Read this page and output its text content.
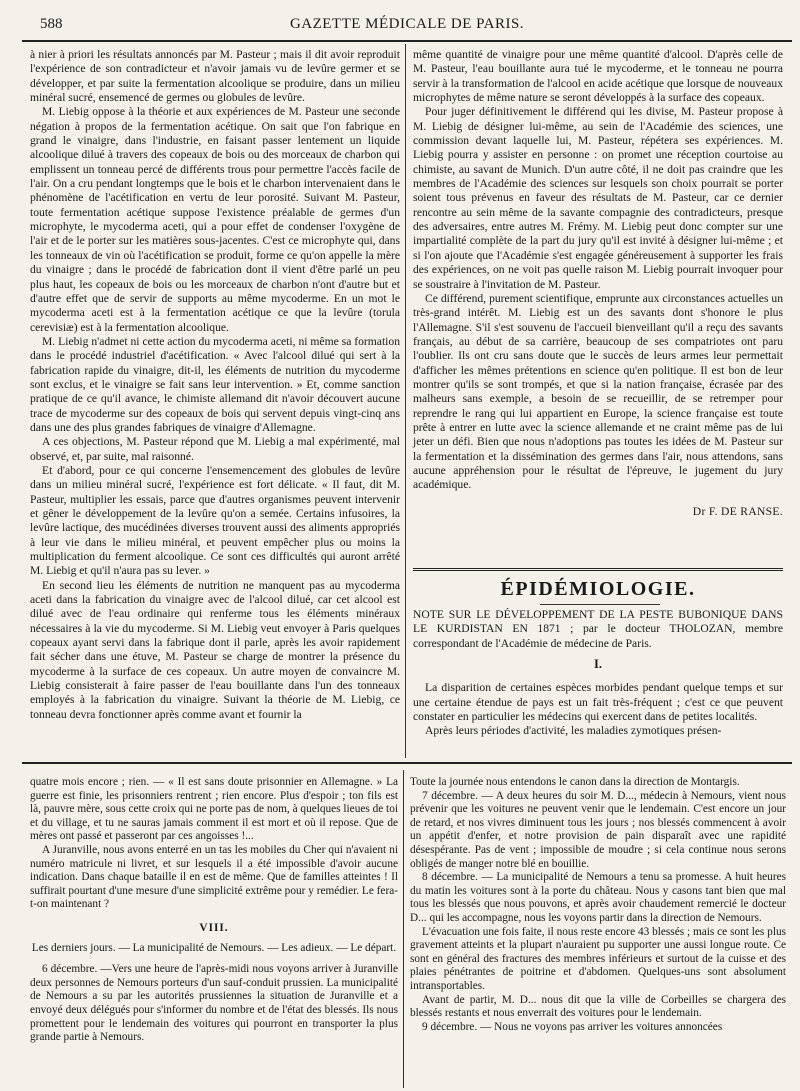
588	GAZETTE MÉDICALE DE PARIS.

à nier à priori les résultats annoncés par M. Pasteur ; mais il dit avoir reproduit l'expérience de son contradicteur et n'avoir jamais vu de levûre germer et se développer, et par suite la fermentation alcoolique se produire, dans un milieu minéral sucré, ensemencé de germes ou globules de levûre.

M. Liebig oppose à la théorie et aux expériences de M. Pasteur une seconde négation à propos de la fermentation acétique. On sait que l'on fabrique en grand le vinaigre, dans l'industrie, en faisant passer lentement un liquide alcoolique dilué à travers des copeaux de bois ou des morceaux de charbon qui emplissent un tonneau percé de différents trous pour permettre l'accès facile de l'air. On a cru pendant longtemps que le bois et le charbon intervenaient dans le phénomène de l'acétification en vertu de leur porosité. Suivant M. Pasteur, toute fermentation acétique suppose l'existence préalable de germes d'un microphyte, le mycoderma aceti, qui a pour effet de condenser l'oxygène de l'air et de le porter sur les matières sous-jacentes. C'est ce microphyte qui, dans les tonneaux de vin où l'acétification se produit, forme ce qu'on appelle la mère du vinaigre ; dans le procédé de fabrication dont il vient d'être parlé un peu plus haut, les copeaux de bois ou les morceaux de charbon n'ont d'autre but et d'autre effet que de servir de supports au même mycoderme. En un mot le mycoderma aceti est à la fermentation acétique ce que la levûre (torula cerevisiæ) est à la fermentation alcoolique.

M. Liebig n'admet ni cette action du mycoderma aceti, ni même sa formation dans le procédé industriel d'acétification. « Avec l'alcool dilué qui sert à la fabrication rapide du vinaigre, dit-il, les éléments de nutrition du mycoderme sont exclus, et le vinaigre se fait sans leur intervention. » Et, comme sanction pratique de ce qu'il avance, le chimiste allemand dit n'avoir découvert aucune trace de mycoderme sur des copeaux de bois qui servent depuis vingt-cinq ans dans une des plus grandes fabriques de vinaigre d'Allemagne.

A ces objections, M. Pasteur répond que M. Liebig a mal expérimenté, mal observé, et, par suite, mal raisonné.

Et d'abord, pour ce qui concerne l'ensemencement des globules de levûre dans un milieu minéral sucré, l'expérience est fort délicate. « Il faut, dit M. Pasteur, multiplier les essais, parce que d'autres organismes peuvent intervenir et gêner le développement de la levûre qu'on a semée. Certains infusoires, la levûre lactique, des mucédinées diverses trouvent aussi des aliments appropriés à leur vie dans le milieu minéral, et peuvent empêcher plus ou moins la multiplication du ferment alcoolique. Ce sont ces difficultés qui auront arrêté M. Liebig et qu'il n'aura pas su lever. »

En second lieu les éléments de nutrition ne manquent pas au mycoderma aceti dans la fabrication du vinaigre avec de l'alcool dilué, car cet alcool est dilué avec de l'eau ordinaire qui renferme tous les éléments minéraux nécessaires à la vie du mycoderme. Si M. Liebig veut envoyer à Paris quelques copeaux ayant servi dans la fabrique dont il parle, après les avoir rapidement fait sécher dans une étuve, M. Pasteur se charge de montrer la présence du mycoderme à la surface de ces copeaux. Un autre moyen de convaincre M. Liebig consisterait à faire passer de l'eau bouillante dans l'un des tonneaux employés à la fabrication du vinaigre. Suivant la théorie de M. Liebig, ce tonneau devra fonctionner après comme avant et fournir la

même quantité de vinaigre pour une même quantité d'alcool. D'après celle de M. Pasteur, l'eau bouillante aura tué le mycoderme, et le tonneau ne pourra servir à la transformation de l'alcool en acide acétique que lorsque de nouveaux microphytes de même nature se seront développés à la surface des copeaux.

Pour juger définitivement le différend qui les divise, M. Pasteur propose à M. Liebig de désigner lui-même, au sein de l'Académie des sciences, une commission devant laquelle lui, M. Pasteur, répétera ses expériences. M. Liebig pourra y assister en personne : on promet une réception courtoise au chimiste, au savant de Munich. D'un autre côté, il ne doit pas craindre que les membres de l'Académie des sciences sur lesquels son choix pourrait se porter soient tous prévenus en faveur des résultats de M. Pasteur, car ce dernier rencontre au sein même de la savante compagnie des contradicteurs, presque des adversaires, entre autres M. Frémy. M. Liebig peut donc compter sur une impartialité complète de la part du jury qu'il est invité à désigner lui-même ; et si l'on ajoute que l'Académie s'est engagée généreusement à supporter les frais des expériences, on ne voit pas quelle raison M. Liebig pourrait invoquer pour se soustraire à l'invitation de M. Pasteur.

Ce différend, purement scientifique, emprunte aux circonstances actuelles un très-grand intérêt. M. Liebig est un des savants dont s'honore le plus l'Allemagne. S'il s'est souvenu de l'accueil bienveillant qu'il a reçu des savants français, au début de sa carrière, beaucoup de ses compatriotes ont paru l'oublier. Ils ont cru sans doute que le succès de leurs armes leur permettait d'afficher les mêmes prétentions en science qu'en politique. Il est bon de leur montrer qu'ils se sont trompés, et que si la nation française, écrasée par des malheurs sans exemple, a besoin de se recueillir, de se retremper pour reprendre le rang qui lui appartient en Europe, la science française est toute prête à entrer en lutte avec la science allemande et ne craint même pas de lui jeter un défi. Bien que nous n'adoptions pas toutes les idées de M. Pasteur sur la fermentation et la dissémination des germes dans l'air, nous attendons, sans aucune appréhension pour le résultat de l'épreuve, le jugement du jury académique.

Dr F. DE RANSE.
ÉPIDÉMIOLOGIE.
NOTE SUR LE DÉVELOPPEMENT DE LA PESTE BUBONIQUE DANS LE KURDISTAN EN 1871 ; par le docteur THOLOZAN, membre correspondant de l'Académie de médecine de Paris.
I.

La disparition de certaines espèces morbides pendant quelque temps et sur une certaine étendue de pays est un fait très-fréquent ; c'est ce que peuvent constater en particulier les médecins qui exercent dans de petites localités.

Après leurs périodes d'activité, les maladies zymotiques présen-

quatre mois encore ; rien. — « Il est sans doute prisonnier en Allemagne. » La guerre est finie, les prisonniers rentrent ; rien encore. Plus d'espoir ; ton fils est là, pauvre mère, sous cette croix qui ne porte pas de nom, à quelques lieues de toi et du village, et tu ne sauras jamais comment il est mort et où il repose. Que de mères ont passé et passeront par ces angoisses !...

A Juranville, nous avons enterré en un tas les mobiles du Cher qui n'avaient ni numéro matricule ni livret, et sur lesquels il a été impossible d'avoir aucune indication. Dans chaque bataille il en est de même. Que de familles atteintes ! Il suffirait pourtant d'une mesure d'une simplicité extrême pour y remédier. Le fera-t-on maintenant ?

VIII.
Les derniers jours. — La municipalité de Nemours. — Les adieux. — Le départ.

6 décembre. —Vers une heure de l'après-midi nous voyons arriver à Juranville deux personnes de Nemours porteurs d'un sauf-conduit prussien. La municipalité de Nemours a su par les autorités prussiennes la situation de Juranville et a envoyé deux délégués pour s'informer du nombre et de l'état des blessés. Ils nous promettent pour le lendemain des voitures qui pourront en transporter la plus grande partie à Nemours.

Toute la journée nous entendons le canon dans la direction de Montargis.

7 décembre. — A deux heures du soir M. D..., médecin à Nemours, vient nous prévenir que les voitures ne peuvent venir que le lendemain. C'est encore un jour de retard, et nos vivres diminuent tous les jours ; nos blessés commencent à avoir un appétit d'enfer, et notre provision de pain disparaît avec une rapidité désespérante. Pas de vent ; impossible de moudre ; si cela continue nous serons obligés de manger notre blé en bouillie.

8 décembre. — La municipalité de Nemours a tenu sa promesse. A huit heures du matin les voitures sont à la porte du château. Nous y casons tant bien que mal tous les blessés que nous pouvons, et après avoir chaudement remercié le docteur D... qui les accompagne, nous les voyons partir dans la direction de Nemours.

L'évacuation une fois faite, il nous reste encore 43 blessés ; mais ce sont les plus gravement atteints et la plupart n'auraient pu supporter une aussi longue route. Ce sont en général des fractures des membres inférieurs et surtout de la cuisse et des plaies pénétrantes de poitrine et d'abdomen. Quelques-uns sont absolument intransportables.

Avant de partir, M. D... nous dit que la ville de Corbeilles se chargera des blessés restants et nous enverrait des voitures pour le lendemain.

9 décembre. — Nous ne voyons pas arriver les voitures annoncées
